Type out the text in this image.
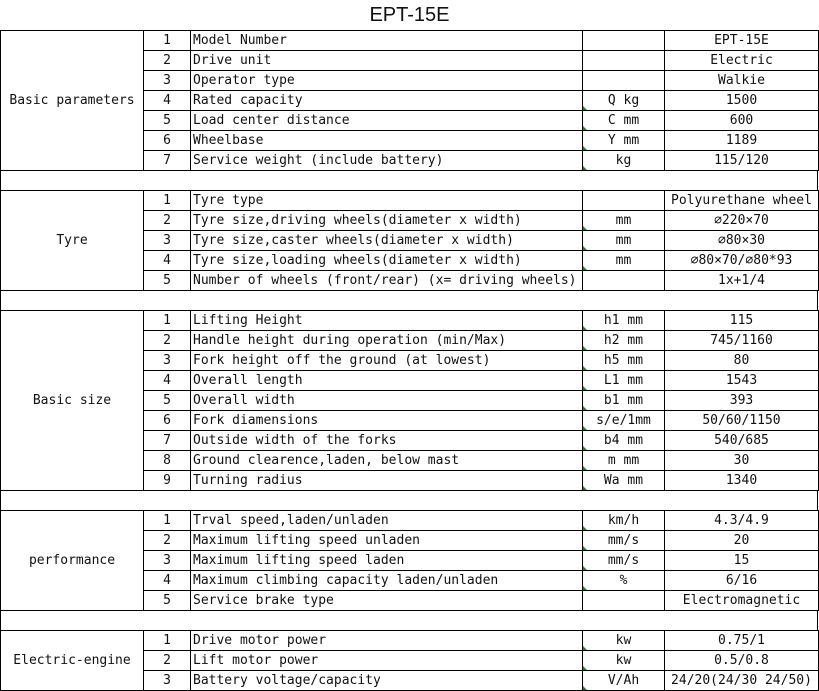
EPT-15E
Basic parameters	1	Model Number		EPT-15E
	2	Drive unit		Electric
	3	Operator type		Walkie
	4	Rated capacity	Q kg	1500
	5	Load center distance	C mm	600
	6	Wheelbase	Y mm	1189
	7	Service weight (include battery)	kg	115/120
Tyre	1	Tyre type		Polyurethane wheel
	2	Tyre size,driving wheels(diameter x width)	mm	⌀220×70
	3	Tyre size,caster wheels(diameter x width)	mm	⌀80×30
	4	Tyre size,loading wheels(diameter x width)	mm	⌀80×70/⌀80*93
	5	Number of wheels (front/rear) (x= driving wheels)		1x+1/4
Basic size	1	Lifting Height	h1 mm	115
	2	Handle height during operation (min/Max)	h2 mm	745/1160
	3	Fork height off the ground (at lowest)	h5 mm	80
	4	Overall length	L1 mm	1543
	5	Overall width	b1 mm	393
	6	Fork diamensions	s/e/1mm	50/60/1150
	7	Outside width of the forks	b4 mm	540/685
	8	Ground clearence,laden, below mast	m mm	30
	9	Turning radius	Wa mm	1340
performance	1	Trval speed,laden/unladen	km/h	4.3/4.9
	2	Maximum lifting speed unladen	mm/s	20
	3	Maximum lifting speed laden	mm/s	15
	4	Maximum climbing capacity laden/unladen	%	6/16
	5	Service brake type		Electromagnetic
Electric-engine	1	Drive motor power	kw	0.75/1
	2	Lift motor power	kw	0.5/0.8
	3	Battery voltage/capacity	V/Ah	24/20(24/30 24/50)
